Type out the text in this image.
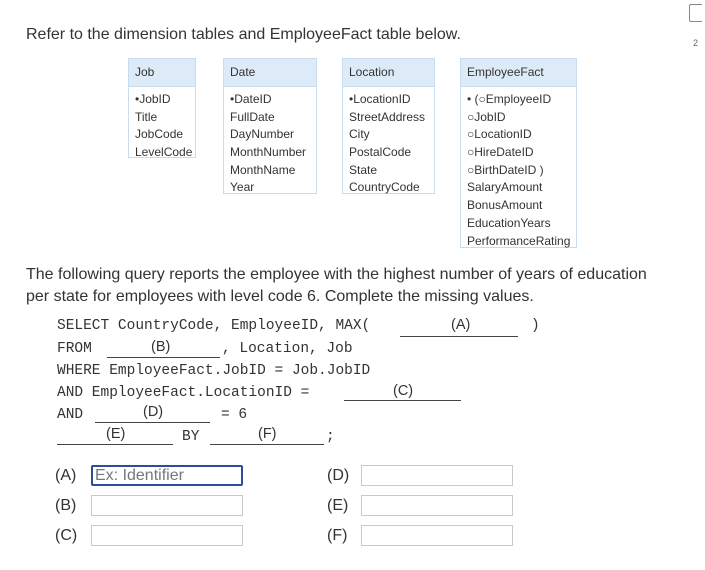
Refer to the dimension tables and EmployeeFact table below.	2
Job
•JobID
Title
JobCode
LevelCode
Date
•DateID
FullDate
DayNumber
MonthNumber
MonthName
Year
Location
•LocationID
StreetAddress
City
PostalCode
State
CountryCode
EmployeeFact
• (○EmployeeID
○JobID
○LocationID
○HireDateID
○BirthDateID )
SalaryAmount
BonusAmount
EducationYears
PerformanceRating
The following query reports the employee with the highest number of years of education
per state for employees with level code 6. Complete the missing values.
SELECT CountryCode, EmployeeID, MAX(	(A)	)
FROM	(B)	, Location, Job
WHERE EmployeeFact.JobID = Job.JobID
AND EmployeeFact.LocationID =	(C)
AND	(D)	= 6
(E)	BY	(F)	;
(A)
Ex: Identifier
(B)
(C)
(D)
(E)
(F)
